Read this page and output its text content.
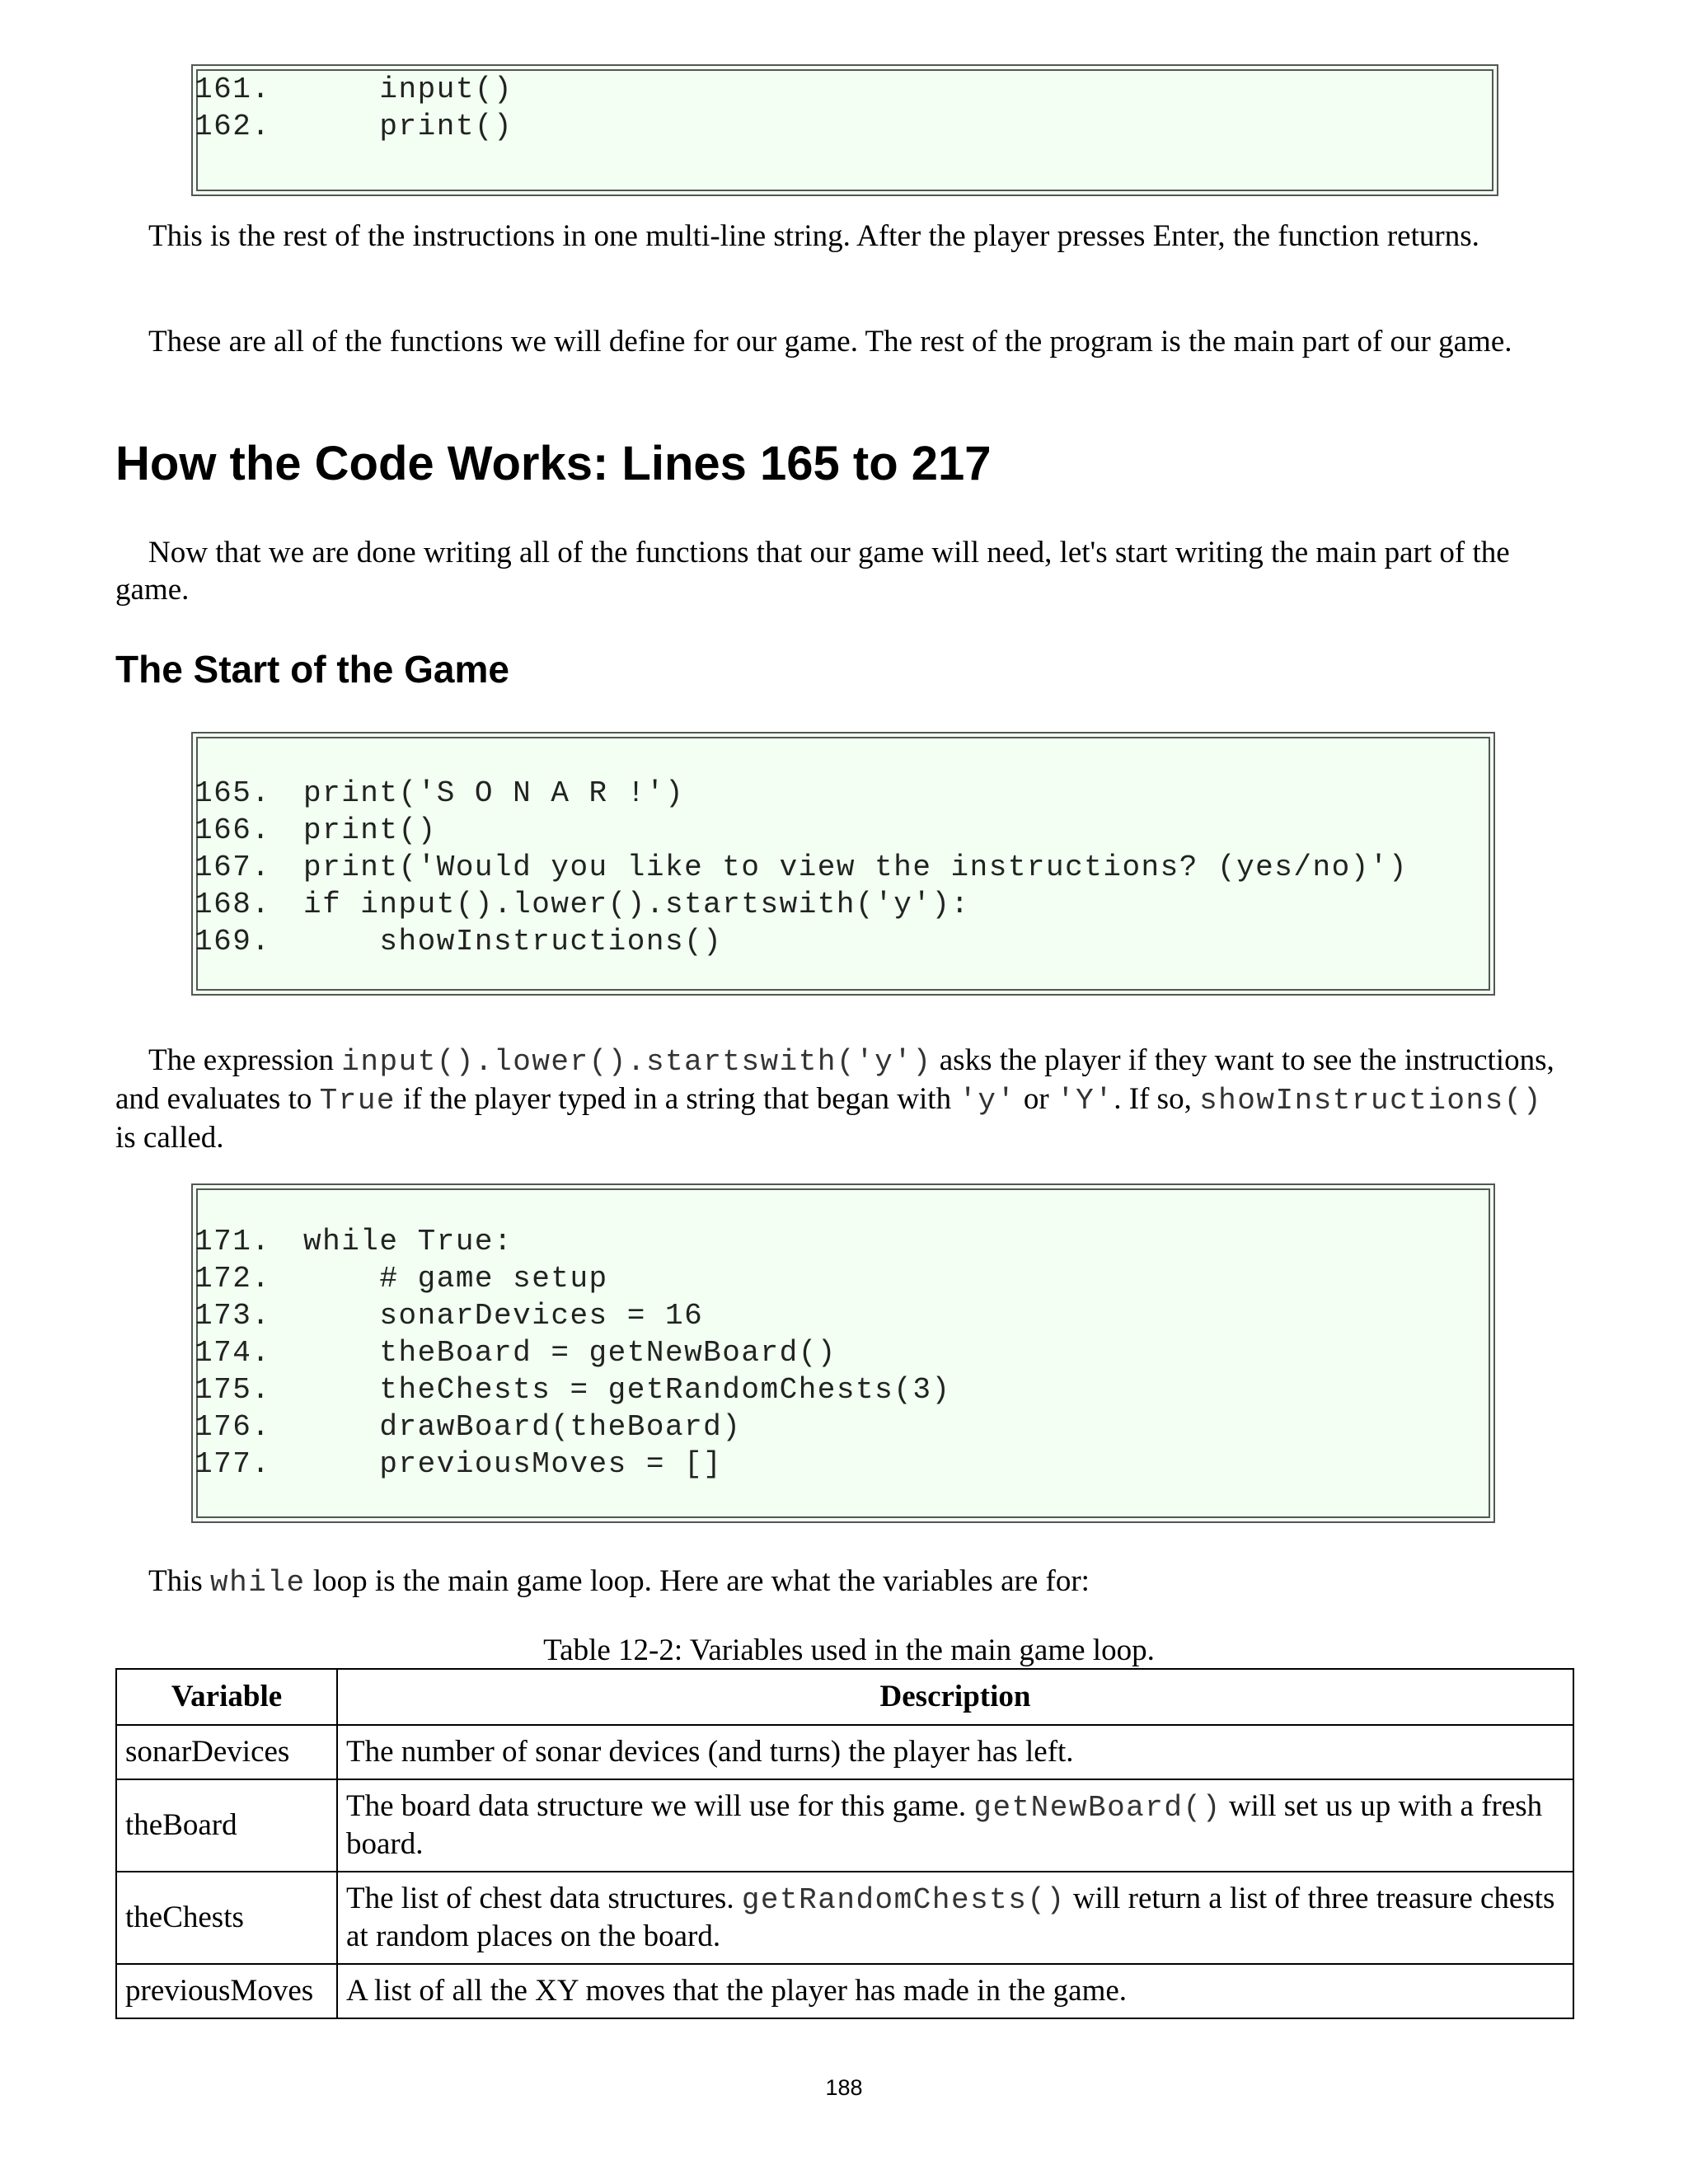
161.    input()
162.    print()

This is the rest of the instructions in one multi-line string. After the player presses Enter, the function returns.

These are all of the functions we will define for our game. The rest of the program is the main part of our game.

How the Code Works: Lines 165 to 217

Now that we are done writing all of the functions that our game will need, let's start writing the main part of the game.

The Start of the Game
165. print('S O N A R !')
166. print()
167. print('Would you like to view the instructions? (yes/no)')
168. if input().lower().startswith('y'):
169.    showInstructions()

The expression input().lower().startswith('y') asks the player if they want to see the instructions, and evaluates to True if the player typed in a string that began with 'y' or 'Y'. If so, showInstructions() is called.

171. while True:
172.    # game setup
173.    sonarDevices = 16
174.    theBoard = getNewBoard()
175.    theChests = getRandomChests(3)
176.    drawBoard(theBoard)
177.    previousMoves = []

This while loop is the main game loop. Here are what the variables are for:

Table 12-2: Variables used in the main game loop.
Variable	Description
sonarDevices	The number of sonar devices (and turns) the player has left.
theBoard	The board data structure we will use for this game. getNewBoard() will set us up with a fresh board.
theChests	The list of chest data structures. getRandomChests() will return a list of three treasure chests at random places on the board.
previousMoves	A list of all the XY moves that the player has made in the game.
188
